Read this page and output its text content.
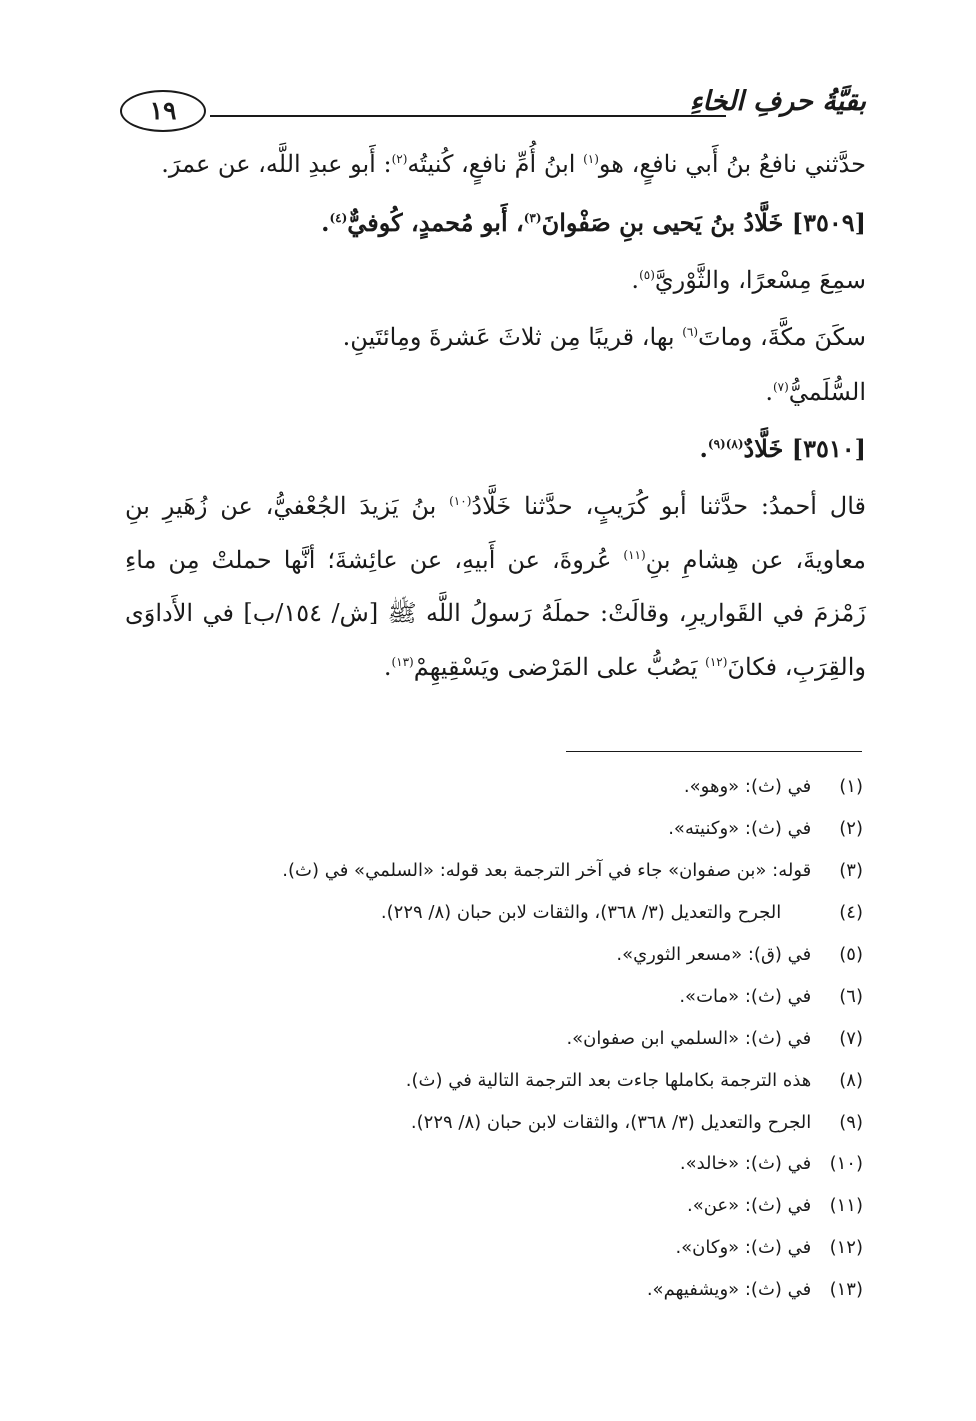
١٩	بقيَّةُ حرفِ الخاءِ
حدَّثني نافعُ بنُ أَبي نافعٍ، هو$^{(١)}$ ابنُ أُمِّ نافعٍ، كُنيتُه$^{(٢)}$: أَبو عبدِ اللَّه، عن عمرَ.
[٣٥٠٩] خَلَّادُ بنُ يَحيى بنِ صَفْوانَ$^{(٣)}$، أَبو مُحمدٍ، كُوفيٌّ$^{(٤)}$.
سمِعَ مِسْعرًا، والثَّوْريَّ$^{(٥)}$.
سكَنَ مكَّةَ، وماتَ$^{(٦)}$ بها، قريبًا مِن ثلاثَ عَشرةَ ومِائتَينِ.
السُّلَميُّ$^{(٧)}$.
[٣٥١٠] خَلَّادٌ$^{(٨)(٩)}$.
قال أحمدُ: حدَّثنا أبو كُرَيبٍ، حدَّثنا خَلَّادُ$^{(١٠)}$ بنُ يَزيدَ الجُعْفيُّ، عن زُهَيرِ بنِ معاويةَ، عن هِشامِ بنِ$^{(١١)}$ عُروةَ، عن أَبيهِ، عن عائِشةَ؛ أنَّها حملتْ مِن ماءِ زَمْزمَ في القَواريرِ، وقالَتْ: حملَهُ رَسولُ اللَّه ﷺ [ش/ ١٥٤/ب] في الأَداوَى والقِرَبِ، فكانَ$^{(١٢)}$ يَصُبُّ على المَرْضى ويَسْقِيهِمْ$^{(١٣)}$.
(١) في (ث): «وهو».
(٢) في (ث): «وكنيته».
(٣) قوله: «بن صفوان» جاء في آخر الترجمة بعد قوله: «السلمي» في (ث).
(٤) الجرح والتعديل (٣/ ٣٦٨)، والثقات لابن حبان (٨/ ٢٢٩).
(٥) في (ق): «مسعر الثوري».
(٦) في (ث): «مات».
(٧) في (ث): «السلمي ابن صفوان».
(٨) هذه الترجمة بكاملها جاءت بعد الترجمة التالية في (ث).
(٩) الجرح والتعديل (٣/ ٣٦٨)، والثقات لابن حبان (٨/ ٢٢٩).
(١٠) في (ث): «خالد».
(١١) في (ث): «عن».
(١٢) في (ث): «وكان».
(١٣) في (ث): «ويشفيهم».
